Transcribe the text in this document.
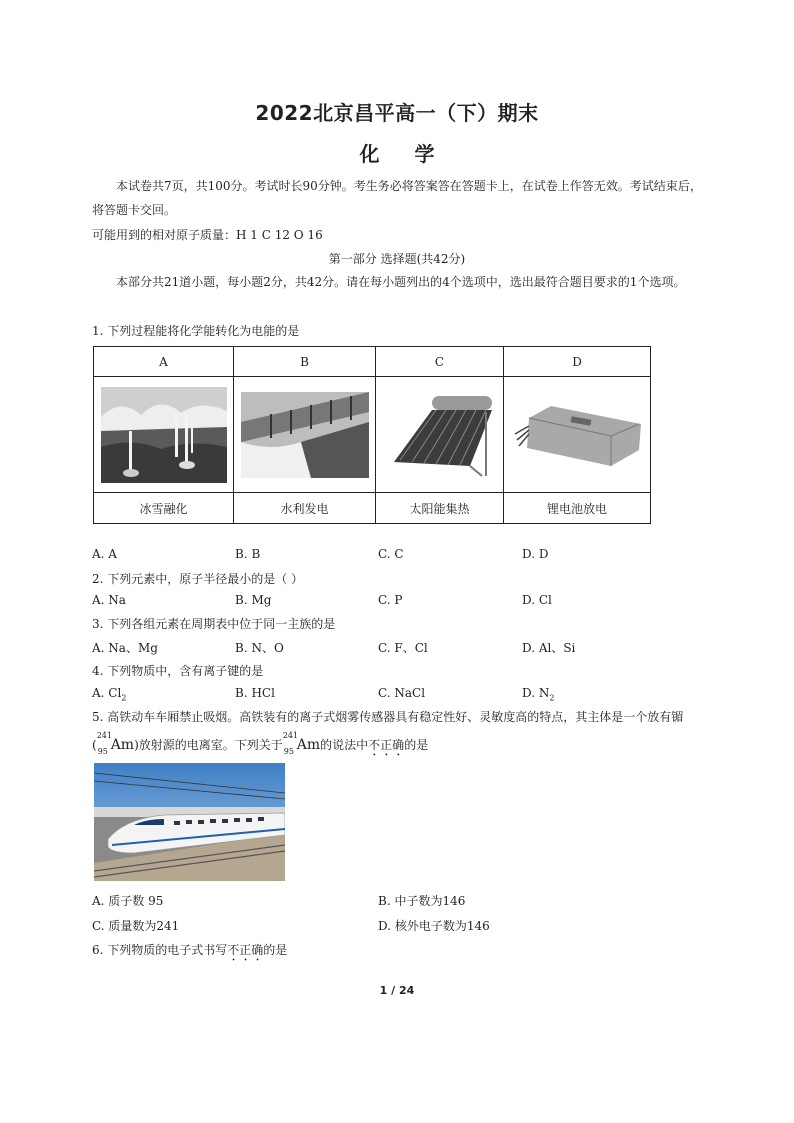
2022北京昌平高一（下）期末
化 学
本试卷共7页，共100分。考试时长90分钟。考生务必将答案答在答题卡上，在试卷上作答无效。考试结束后，将答题卡交回。
可能用到的相对原子质量：H 1 C 12 O 16
第一部分 选择题(共42分)
本部分共21道小题，每小题2分，共42分。请在每小题列出的4个选项中，选出最符合题目要求的1个选项。
1. 下列过程能将化学能转化为电能的是
A	B	C	D

冰雪融化	水利发电	太阳能集热	锂电池放电
A. A	B. B	C. C	D. D
2. 下列元素中，原子半径最小的是（ ）
A. Na	B. Mg	C. P	D. Cl
3. 下列各组元素在周期表中位于同一主族的是
A. Na、Mg	B. N、O	C. F、Cl	D. Al、Si
4. 下列物质中，含有离子键的是
A. $Cl_2$	B. HCl	C. NaCl	D. $N_2$
5. 高铁动车车厢禁止吸烟。高铁装有的离子式烟雾传感器具有稳定性好、灵敏度高的特点，其主体是一个放有镅
(
241
95 Am)放射源的电离室。下列关于
241
95 Am的说法中不正确的是
A. 质子数 95	B. 中子数为146
C. 质量数为241	D. 核外电子数为146
6. 下列物质的电子式书写不正确的是
1 / 24
